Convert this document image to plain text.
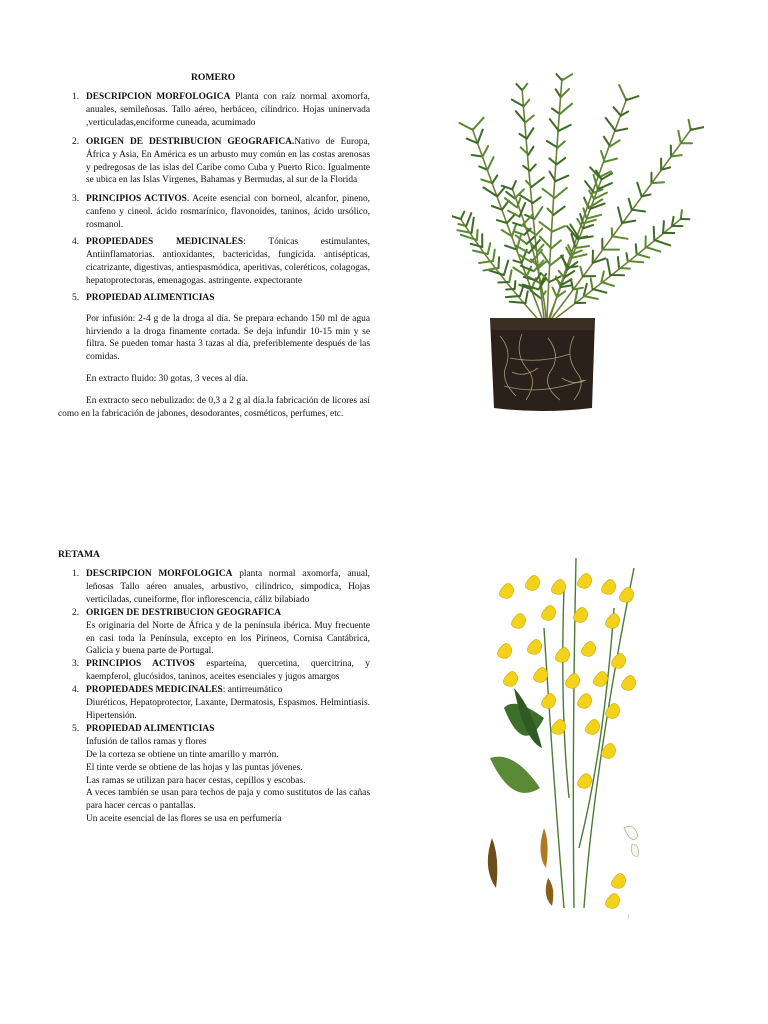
ROMERO
1. DESCRIPCION MORFOLOGICA Planta con raíz normal axomorfa, anuales, semileñosas. Tallo aéreo, herbáceo, cilíndrico. Hojas uninervada ,verticuladas,enciforme cuneada, acumimado
2. ORIGEN DE DESTRIBUCION GEOGRAFICA.Nativo de Europa, África y Asia, En América es un arbusto muy común en las costas arenosas y pedregosas de las islas del Caribe como Cuba y Puerto Rico. Igualmente se ubica en las Islas Vírgenes, Bahamas y Bermudas, al sur de la Florida
3. PRINCIPIOS ACTIVOS. Aceite esencial con borneol, alcanfor, pineno, canfeno y cineol. ácido rosmarínico, flavonoides, taninos, ácido ursólico, rosmanol.
4. PROPIEDADES MEDICINALES: Tónicas estimulantes, Antiinflamatorias. antioxidantes, bactericidas, fungicida. antisépticas, cicatrizante, digestivas, antiespasmódica, aperitivas, coleréticos, colagogas, hepatoprotectoras, emenagogas. astringente. expectorante
5. PROPIEDAD ALIMENTICIAS
Por infusión: 2-4 g de la droga al día. Se prepara echando 150 ml de agua hirviendo a la droga finamente cortada. Se deja infundir 10-15 min y se filtra. Se pueden tomar hasta 3 tazas al día, preferiblemente después de las comidas.
En extracto fluido: 30 gotas, 3 veces al día.
En extracto seco nebulizado: de 0,3 a 2 g al día.la fabricación de licores así como en la fabricación de jabones, desodorantes, cosméticos, perfumes, etc.
RETAMA
1. DESCRIPCION MORFOLOGICA planta normal axomorfa, anual, leñosas Tallo aéreo anuales, arbustivo, cilíndrico, simpodica, Hojas verticiladas, cuneiforme, flor inflorescencia, cáliz bilabiado
2. ORIGEN DE DESTRIBUCION GEOGRAFICA
Es originaria del Norte de África y de la península ibérica. Muy frecuente en casi toda la Península, excepto en los Pirineos, Cornisa Cantábrica, Galicia y buena parte de Portugal.
3. PRINCIPIOS ACTIVOS esparteína, quercetina, quercitrina, y kaempferol, glucósidos, taninos, aceites esenciales y jugos amargos
4. PROPIEDADES MEDICINALES: antirreumático
Diuréticos, Hepatoprotector, Laxante, Dermatosis, Espasmos. Helmintiasis. Hipertensión.
5. PROPIEDAD ALIMENTICIAS
Infusión de tallos ramas y flores
De la corteza se obtiene un tinte amarillo y marrón.
El tinte verde se obtiene de las hojas y las puntas jóvenes.
Las ramas se utilizan para hacer cestas, cepillos y escobas.
A veces también se usan para techos de paja y como sustitutos de las cañas para hacer cercas o pantallas.
Un aceite esencial de las flores se usa en perfumería
|
